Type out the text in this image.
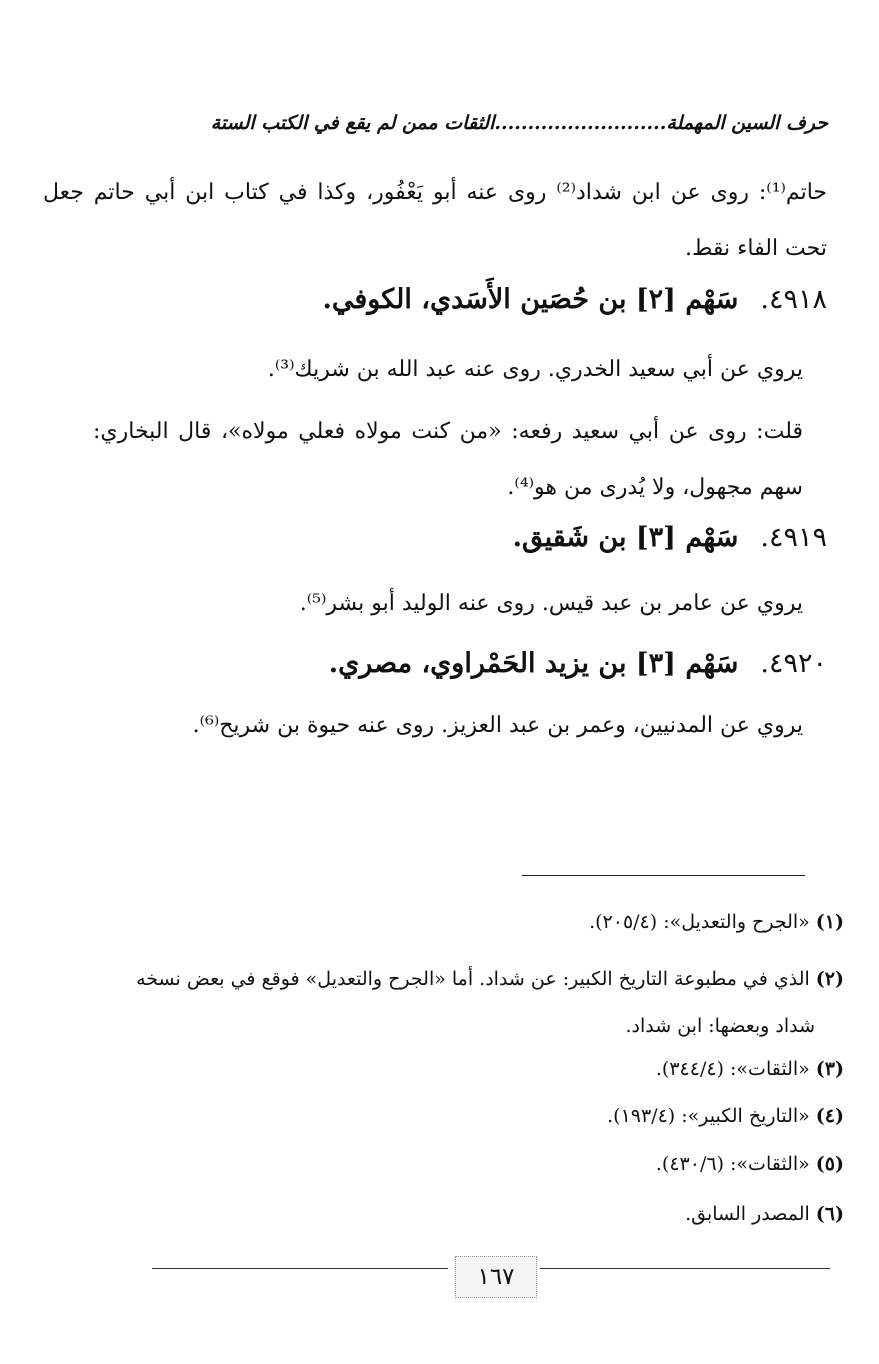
حرف السين المهملة..........................الثقات ممن لم يقع في الكتب الستة
حاتم⁽¹⁾: روى عن ابن شداد⁽²⁾ روى عنه أبو يَعْفُور، وكذا في كتاب ابن أبي حاتم جعل تحت الفاء نقط.
٤٩١٨.سَهْم [٢] بن حُصَين الأَسَدي، الكوفي.
يروي عن أبي سعيد الخدري. روى عنه عبد الله بن شريك⁽³⁾.
قلت: روى عن أبي سعيد رفعه: «من كنت مولاه فعلي مولاه»، قال البخاري: سهم مجهول، ولا يُدرى من هو⁽⁴⁾.
٤٩١٩.سَهْم [٣] بن شَقيق.
يروي عن عامر بن عبد قيس. روى عنه الوليد أبو بشر⁽⁵⁾.
٤٩٢٠.سَهْم [٣] بن يزيد الحَمْراوي، مصري.
يروي عن المدنيين، وعمر بن عبد العزيز. روى عنه حيوة بن شريح⁽⁶⁾.
(١)«الجرح والتعديل»: (٢٠٥/٤).
(٢)الذي في مطبوعة التاريخ الكبير: عن شداد. أما «الجرح والتعديل» فوقع في بعض نسخه
شداد وبعضها: ابن شداد.
(٣)«الثقات»: (٣٤٤/٤).
(٤)«التاريخ الكبير»: (١٩٣/٤).
(٥)«الثقات»: (٤٣٠/٦).
(٦)المصدر السابق.
١٦٧
